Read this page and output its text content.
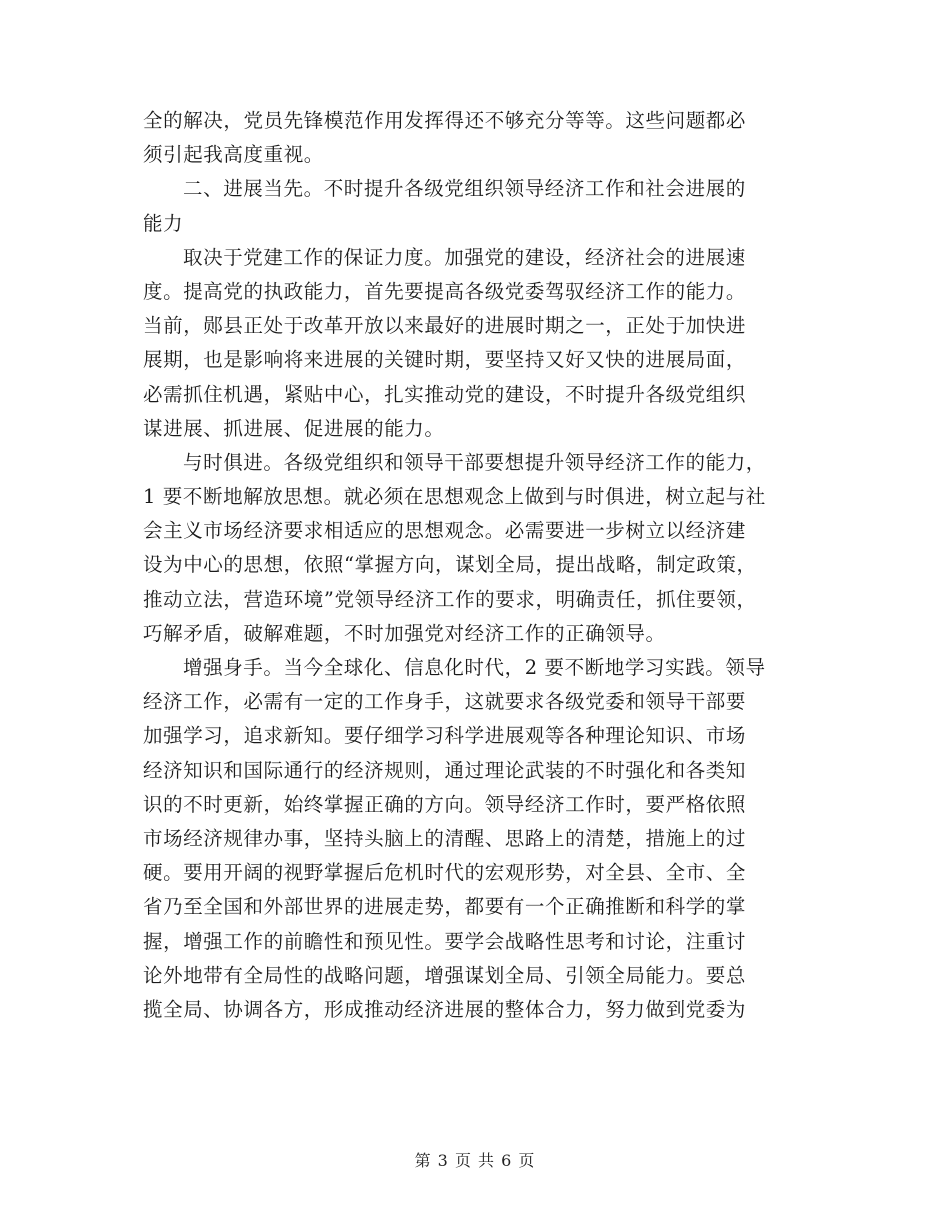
全的解决，党员先锋模范作用发挥得还不够充分等等。这些问题都必
须引起我高度重视。
二、进展当先。不时提升各级党组织领导经济工作和社会进展的
能力
取决于党建工作的保证力度。加强党的建设，经济社会的进展速
度。提高党的执政能力，首先要提高各级党委驾驭经济工作的能力。
当前，郧县正处于改革开放以来最好的进展时期之一，正处于加快进
展期，也是影响将来进展的关键时期，要坚持又好又快的进展局面，
必需抓住机遇，紧贴中心，扎实推动党的建设，不时提升各级党组织
谋进展、抓进展、促进展的能力。
与时俱进。各级党组织和领导干部要想提升领导经济工作的能力，
1 要不断地解放思想。就必须在思想观念上做到与时俱进，树立起与社
会主义市场经济要求相适应的思想观念。必需要进一步树立以经济建
设为中心的思想，依照“掌握方向，谋划全局，提出战略，制定政策，
推动立法，营造环境”党领导经济工作的要求，明确责任，抓住要领，
巧解矛盾，破解难题，不时加强党对经济工作的正确领导。
增强身手。当今全球化、信息化时代，2 要不断地学习实践。领导
经济工作，必需有一定的工作身手，这就要求各级党委和领导干部要
加强学习，追求新知。要仔细学习科学进展观等各种理论知识、市场
经济知识和国际通行的经济规则，通过理论武装的不时强化和各类知
识的不时更新，始终掌握正确的方向。领导经济工作时，要严格依照
市场经济规律办事，坚持头脑上的清醒、思路上的清楚，措施上的过
硬。要用开阔的视野掌握后危机时代的宏观形势，对全县、全市、全
省乃至全国和外部世界的进展走势，都要有一个正确推断和科学的掌
握，增强工作的前瞻性和预见性。要学会战略性思考和讨论，注重讨
论外地带有全局性的战略问题，增强谋划全局、引领全局能力。要总
揽全局、协调各方，形成推动经济进展的整体合力，努力做到党委为
第 3 页 共 6 页
